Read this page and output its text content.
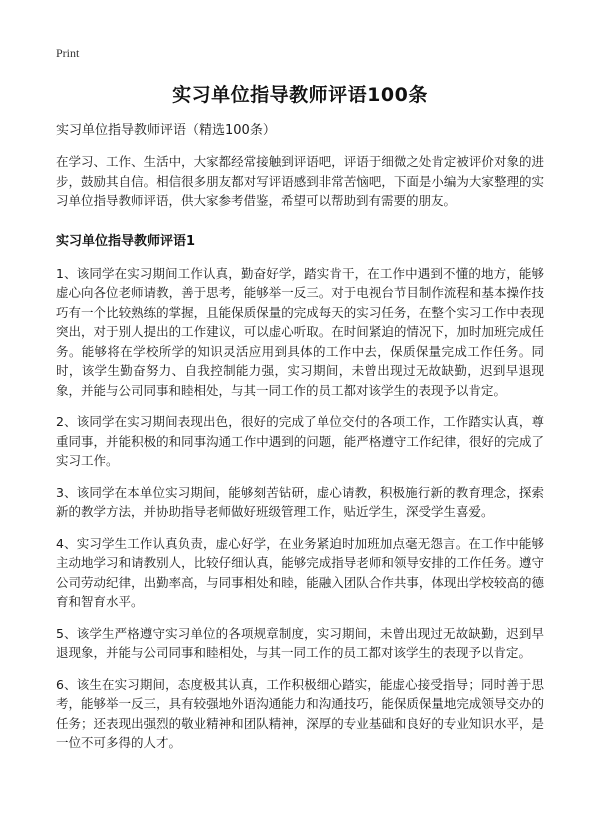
Print
实习单位指导教师评语100条

实习单位指导教师评语（精选100条）

在学习、工作、生活中，大家都经常接触到评语吧，评语于细微之处肯定被评价对象的进步，鼓励其自信。相信很多朋友都对写评语感到非常苦恼吧，下面是小编为大家整理的实习单位指导教师评语，供大家参考借鉴，希望可以帮助到有需要的朋友。

实习单位指导教师评语1

1、该同学在实习期间工作认真，勤奋好学，踏实肯干，在工作中遇到不懂的地方，能够虚心向各位老师请教，善于思考，能够举一反三。对于电视台节目制作流程和基本操作技巧有一个比较熟练的掌握，且能保质保量的完成每天的实习任务，在整个实习工作中表现突出，对于别人提出的工作建议，可以虚心听取。在时间紧迫的情况下，加时加班完成任务。能够将在学校所学的知识灵活应用到具体的工作中去，保质保量完成工作任务。同时，该学生勤奋努力、自我控制能力强，实习期间，未曾出现过无故缺勤，迟到早退现象，并能与公司同事和睦相处，与其一同工作的员工都对该学生的表现予以肯定。

2、该同学在实习期间表现出色，很好的完成了单位交付的各项工作，工作踏实认真，尊重同事，并能积极的和同事沟通工作中遇到的问题，能严格遵守工作纪律，很好的完成了实习工作。

3、该同学在本单位实习期间，能够刻苦钻研，虚心请教，积极施行新的教育理念，探索新的教学方法，并协助指导老师做好班级管理工作，贴近学生，深受学生喜爱。

4、实习学生工作认真负责，虚心好学，在业务紧迫时加班加点毫无怨言。在工作中能够主动地学习和请教别人，比较仔细认真，能够完成指导老师和领导安排的工作任务。遵守公司劳动纪律，出勤率高，与同事相处和睦，能融入团队合作共事，体现出学校较高的德育和智育水平。

5、该学生严格遵守实习单位的各项规章制度，实习期间，未曾出现过无故缺勤，迟到早退现象，并能与公司同事和睦相处，与其一同工作的员工都对该学生的表现予以肯定。

6、该生在实习期间，态度极其认真，工作积极细心踏实，能虚心接受指导；同时善于思考，能够举一反三，具有较强地外语沟通能力和沟通技巧，能保质保量地完成领导交办的任务；还表现出强烈的敬业精神和团队精神，深厚的专业基础和良好的专业知识水平，是一位不可多得的人才。
